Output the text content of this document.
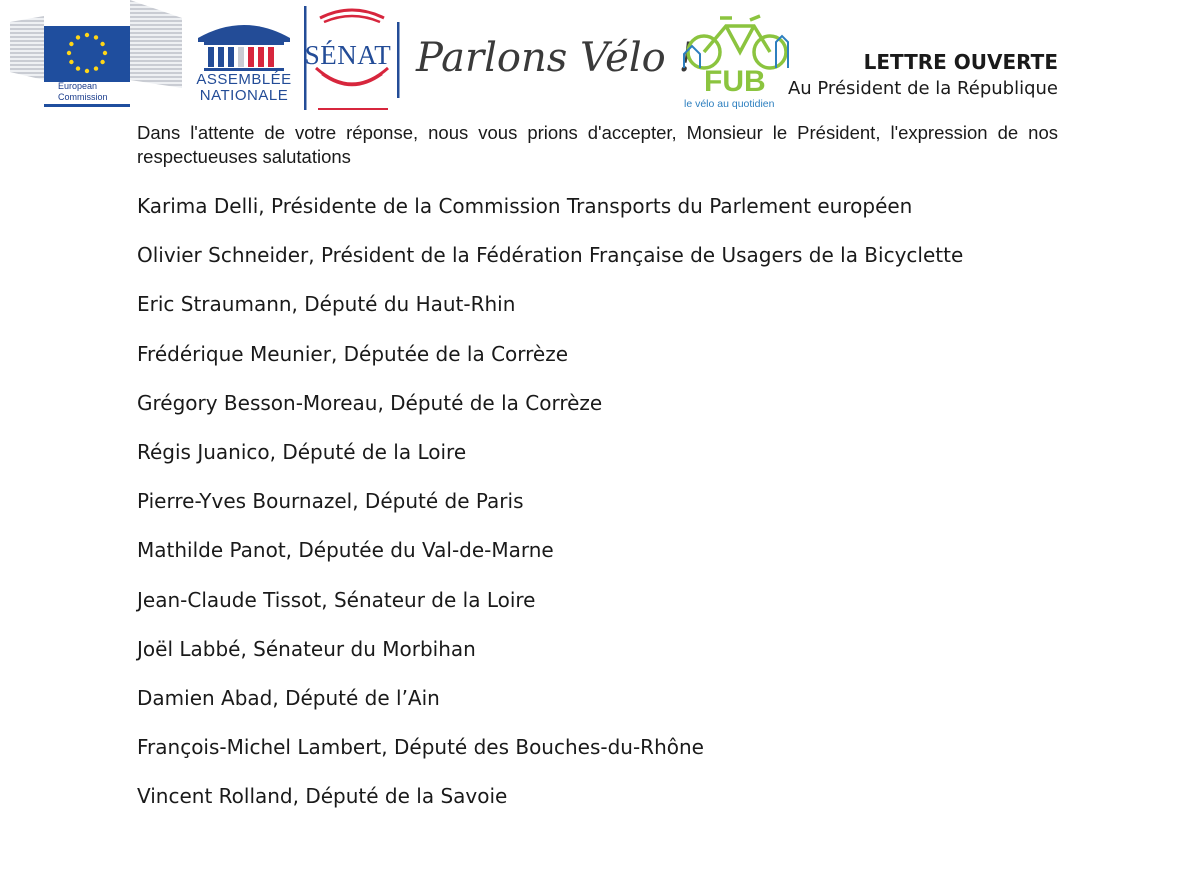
European
Commission
ASSEMBLÉE
NATIONALE
SÉNAT Parlons Vélo !
FUB
le vélo au quotidien
LETTRE OUVERTE
Au Président de la République

Dans l'attente de votre réponse, nous vous prions d'accepter, Monsieur le Président, l'expression de nos respectueuses salutations

Karima Delli, Présidente de la Commission Transports du Parlement européen
Olivier Schneider, Président de la Fédération Française de Usagers de la Bicyclette
Eric Straumann, Député du Haut-Rhin
Frédérique Meunier, Députée de la Corrèze
Grégory Besson-Moreau, Député de la Corrèze
Régis Juanico, Député de la Loire
Pierre-Yves Bournazel, Député de Paris
Mathilde Panot, Députée du Val-de-Marne
Jean-Claude Tissot, Sénateur de la Loire
Joël Labbé, Sénateur du Morbihan
Damien Abad, Député de l’Ain
François-Michel Lambert, Député des Bouches-du-Rhône
Vincent Rolland, Député de la Savoie
